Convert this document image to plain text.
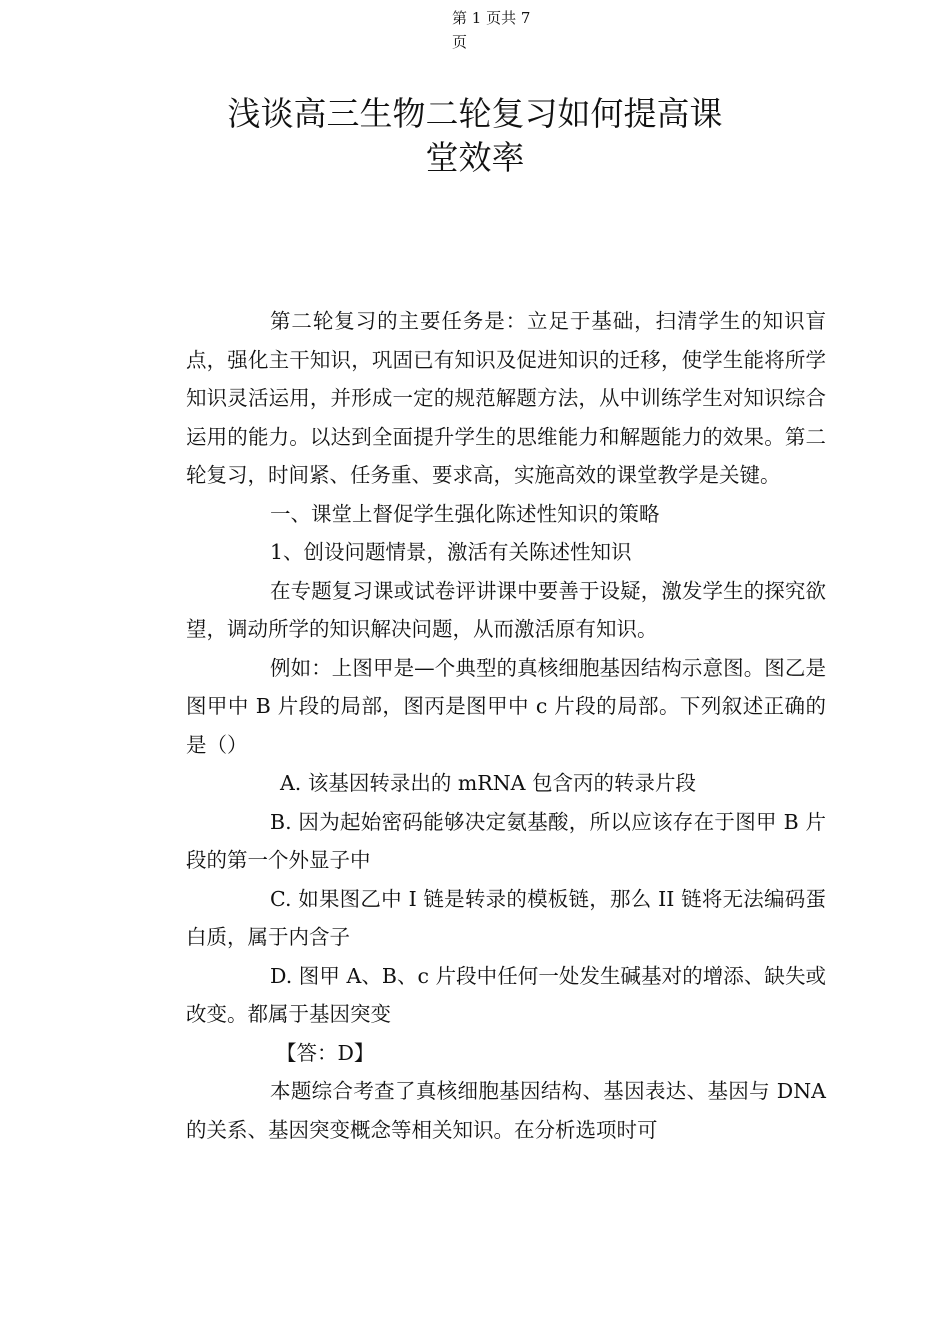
第 1 页共 7
页
浅谈高三生物二轮复习如何提高课
堂效率

第二轮复习的主要任务是：立足于基础，扫清学生的知识盲点，强化主干知识，巩固已有知识及促进知识的迁移，使学生能将所学知识灵活运用，并形成一定的规范解题方法，从中训练学生对知识综合运用的能力。以达到全面提升学生的思维能力和解题能力的效果。第二轮复习，时间紧、任务重、要求高，实施高效的课堂教学是关键。

一、课堂上督促学生强化陈述性知识的策略

1、创设问题情景，激活有关陈述性知识

在专题复习课或试卷评讲课中要善于设疑，激发学生的探究欲望，调动所学的知识解决问题，从而激活原有知识。

例如：上图甲是—个典型的真核细胞基因结构示意图。图乙是图甲中 B 片段的局部，图丙是图甲中 c 片段的局部。下列叙述正确的是（）

A. 该基因转录出的 mRNA 包含丙的转录片段

B. 因为起始密码能够决定氨基酸，所以应该存在于图甲 B 片段的第一个外显子中

C. 如果图乙中 I 链是转录的模板链，那么 II 链将无法编码蛋白质，属于内含子

D. 图甲 A、B、c 片段中任何一处发生碱基对的增添、缺失或改变。都属于基因突变

【答：D】

本题综合考查了真核细胞基因结构、基因表达、基因与 DNA 的关系、基因突变概念等相关知识。在分析选项时可
